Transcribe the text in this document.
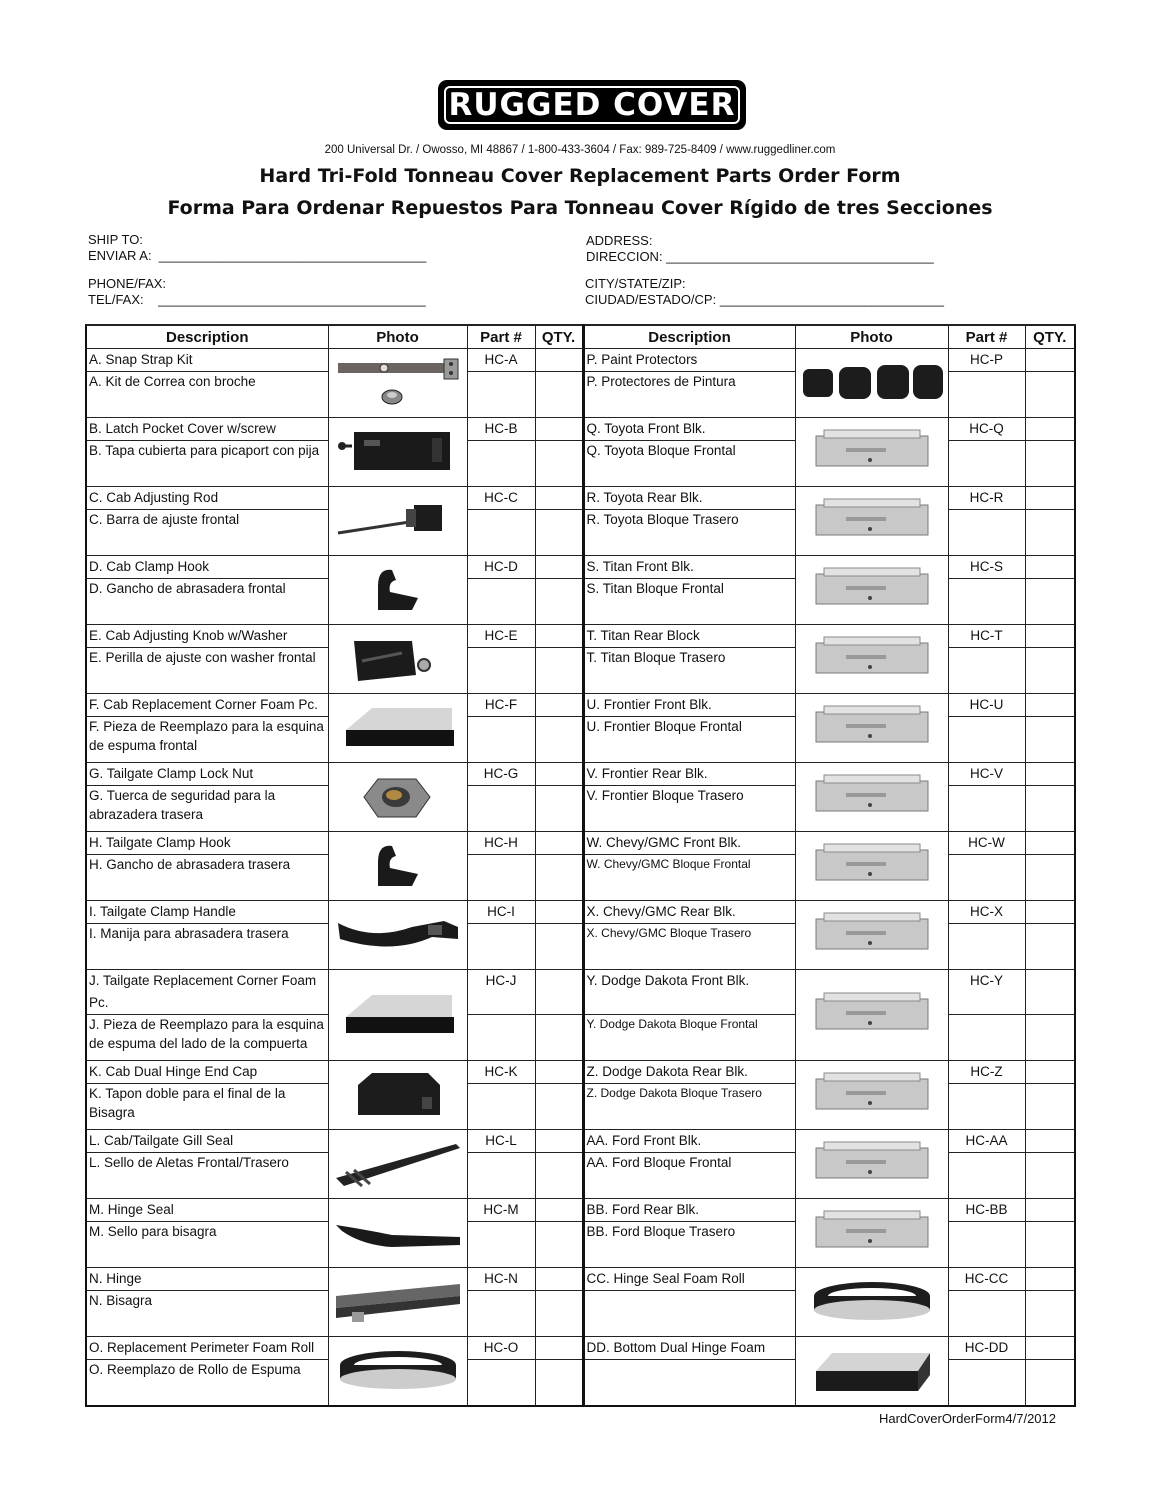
RUGGED COVER
200 Universal Dr. / Owosso, MI 48867 / 1-800-433-3604 / Fax: 989-725-8409 / www.ruggedliner.com
Hard Tri-Fold Tonneau Cover Replacement Parts Order Form
Forma Para Ordenar Repuestos Para Tonneau Cover Rígido de tres Secciones
SHIP TO:
ENVIAR A:  _____________________________________
ADDRESS:
DIRECCION: _____________________________________
PHONE/FAX:
TEL/FAX:    _____________________________________
CITY/STATE/ZIP:
CIUDAD/ESTADO/CP: _______________________________
Description	Photo	Part #	QTY.	Description	Photo	Part #	QTY.
A. Snap Strap Kit		HC-A		P. Paint Protectors		HC-P	
A. Kit de Correa con broche				P. Protectores de Pintura			
B. Latch Pocket Cover w/screw		HC-B		Q. Toyota Front Blk.		HC-Q	
B. Tapa cubierta para picaport con pija				Q. Toyota Bloque Frontal			
C. Cab Adjusting Rod		HC-C		R. Toyota Rear Blk.		HC-R	
C. Barra de ajuste frontal				R. Toyota Bloque Trasero			
D. Cab Clamp Hook		HC-D		S. Titan Front Blk.		HC-S	
D. Gancho de abrasadera frontal				S. Titan Bloque Frontal			
E. Cab Adjusting Knob w/Washer		HC-E		T. Titan Rear Block		HC-T	
E. Perilla de ajuste con washer frontal				T. Titan Bloque Trasero			
F. Cab Replacement Corner Foam Pc.		HC-F		U. Frontier Front Blk.		HC-U	
F. Pieza de Reemplazo para la esquina de espuma frontal				U. Frontier Bloque Frontal			
G. Tailgate Clamp Lock Nut		HC-G		V. Frontier Rear Blk.		HC-V	
G. Tuerca de seguridad para la abrazadera trasera				V. Frontier Bloque Trasero			
H. Tailgate Clamp Hook		HC-H		W. Chevy/GMC Front Blk.		HC-W	
H. Gancho de abrasadera trasera				W. Chevy/GMC Bloque Frontal			
I. Tailgate Clamp Handle		HC-I		X. Chevy/GMC Rear Blk.		HC-X	
I. Manija para abrasadera trasera				X. Chevy/GMC Bloque Trasero			
J. Tailgate Replacement Corner Foam Pc.		HC-J		Y. Dodge Dakota Front Blk.		HC-Y	
J. Pieza de Reemplazo para la esquina de espuma del lado de la compuerta				Y. Dodge Dakota Bloque Frontal			
K. Cab Dual Hinge End Cap		HC-K		Z. Dodge Dakota Rear Blk.		HC-Z	
K. Tapon doble para el final de la Bisagra				Z. Dodge Dakota Bloque Trasero			
L. Cab/Tailgate Gill Seal		HC-L		AA. Ford Front Blk.		HC-AA	
L. Sello de Aletas Frontal/Trasero				AA. Ford Bloque Frontal			
M. Hinge Seal		HC-M		BB. Ford Rear Blk.		HC-BB	
M. Sello para bisagra				BB. Ford Bloque Trasero			
N. Hinge		HC-N		CC. Hinge Seal Foam Roll		HC-CC	
N. Bisagra							
O. Replacement Perimeter Foam Roll		HC-O		DD. Bottom Dual Hinge Foam		HC-DD	
O. Reemplazo de Rollo de Espuma							
HardCoverOrderForm4/7/2012
